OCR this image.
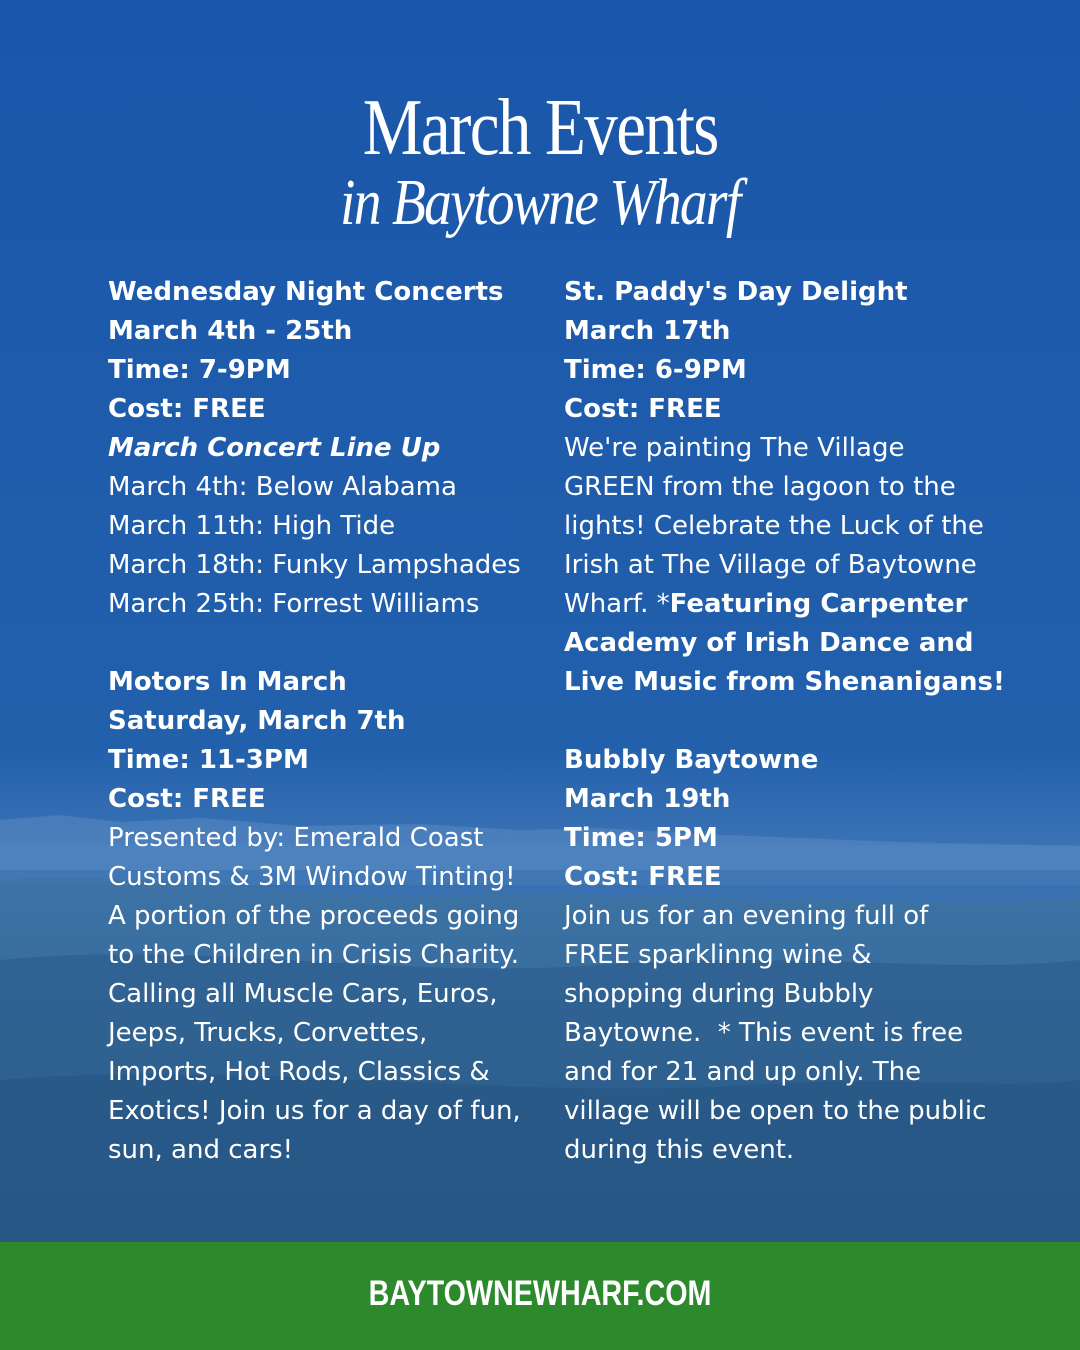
March Events
in Baytowne Wharf
Wednesday Night Concerts
March 4th - 25th
Time: 7-9PM
Cost: FREE
March Concert Line Up
March 4th: Below Alabama
March 11th: High Tide
March 18th: Funky Lampshades
March 25th: Forrest Williams
Motors In March
Saturday, March 7th
Time: 11-3PM
Cost: FREE
Presented by: Emerald Coast
Customs & 3M Window Tinting!
A portion of the proceeds going
to the Children in Crisis Charity.
Calling all Muscle Cars, Euros,
Jeeps, Trucks, Corvettes,
Imports, Hot Rods, Classics &
Exotics! Join us for a day of fun,
sun, and cars!
St. Paddy's Day Delight
March 17th
Time: 6-9PM
Cost: FREE
We're painting The Village
GREEN from the lagoon to the
lights! Celebrate the Luck of the
Irish at The Village of Baytowne
Wharf. *Featuring Carpenter
Academy of Irish Dance and
Live Music from Shenanigans!
Bubbly Baytowne
March 19th
Time: 5PM
Cost: FREE
Join us for an evening full of
FREE sparklinng wine &
shopping during Bubbly
Baytowne.  * This event is free
and for 21 and up only. The
village will be open to the public
during this event.
BAYTOWNEWHARF.COM
